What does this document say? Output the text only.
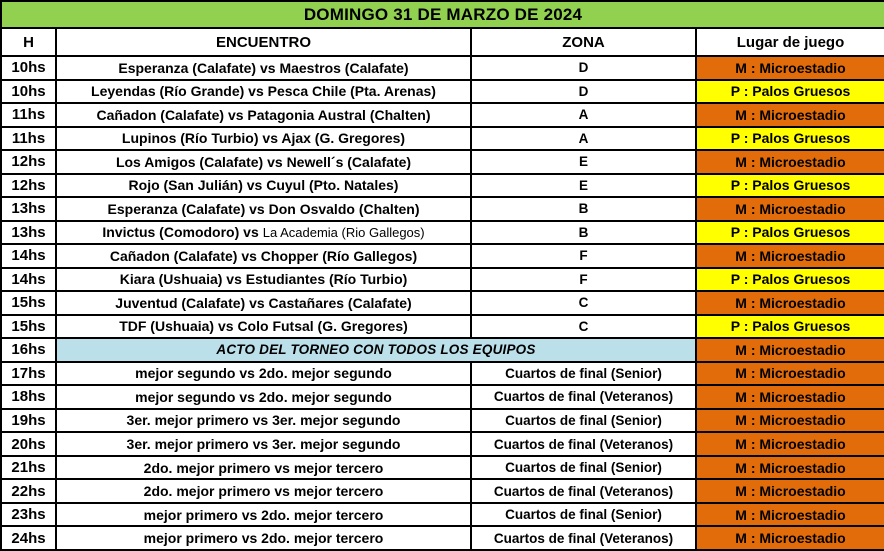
DOMINGO 31 DE MARZO DE 2024			
H	ENCUENTRO	ZONA	Lugar de juego
10hs	Esperanza (Calafate) vs Maestros (Calafate)	D	M : Microestadio
10hs	Leyendas (Río Grande) vs Pesca Chile (Pta. Arenas)	D	P : Palos Gruesos
11hs	Cañadon (Calafate) vs Patagonia Austral (Chalten)	A	M : Microestadio
11hs	Lupinos (Río Turbio) vs Ajax (G. Gregores)	A	P : Palos Gruesos
12hs	Los Amigos (Calafate) vs Newell´s (Calafate)	E	M : Microestadio
12hs	Rojo (San Julián) vs Cuyul (Pto. Natales)	E	P : Palos Gruesos
13hs	Esperanza (Calafate) vs Don Osvaldo (Chalten)	B	M : Microestadio
13hs	Invictus (Comodoro) vs La Academia (Rio Gallegos)	B	P : Palos Gruesos
14hs	Cañadon (Calafate) vs Chopper (Río Gallegos)	F	M : Microestadio
14hs	Kiara (Ushuaia) vs Estudiantes (Río Turbio)	F	P : Palos Gruesos
15hs	Juventud (Calafate) vs Castañares (Calafate)	C	M : Microestadio
15hs	TDF (Ushuaia) vs Colo Futsal (G. Gregores)	C	P : Palos Gruesos
16hs	ACTO DEL TORNEO CON TODOS LOS EQUIPOS		M : Microestadio
17hs	mejor segundo vs 2do. mejor segundo	Cuartos de final (Senior)	M : Microestadio
18hs	mejor segundo vs 2do. mejor segundo	Cuartos de final (Veteranos)	M : Microestadio
19hs	3er. mejor primero vs 3er. mejor segundo	Cuartos de final (Senior)	M : Microestadio
20hs	3er. mejor primero vs 3er. mejor segundo	Cuartos de final (Veteranos)	M : Microestadio
21hs	2do. mejor primero vs mejor tercero	Cuartos de final (Senior)	M : Microestadio
22hs	2do. mejor primero vs mejor tercero	Cuartos de final (Veteranos)	M : Microestadio
23hs	mejor primero vs 2do. mejor tercero	Cuartos de final (Senior)	M : Microestadio
24hs	mejor primero vs 2do. mejor tercero	Cuartos de final (Veteranos)	M : Microestadio
